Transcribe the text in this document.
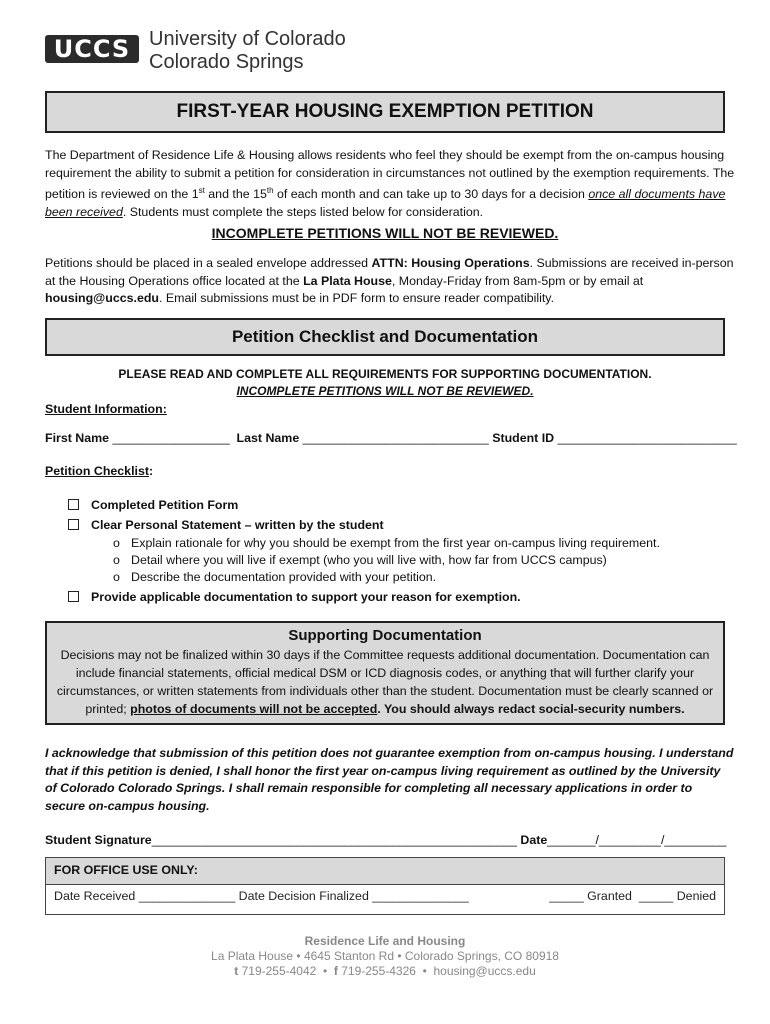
UCCS University of Colorado
Colorado Springs
FIRST-YEAR HOUSING EXEMPTION PETITION
The Department of Residence Life & Housing allows residents who feel they should be exempt from the on-campus housing requirement the ability to submit a petition for consideration in circumstances not outlined by the exemption requirements. The petition is reviewed on the 1st and the 15th of each month and can take up to 30 days for a decision once all documents have been received. Students must complete the steps listed below for consideration.
INCOMPLETE PETITIONS WILL NOT BE REVIEWED.
Petitions should be placed in a sealed envelope addressed ATTN: Housing Operations. Submissions are received in-person at the Housing Operations office located at the La Plata House, Monday-Friday from 8am-5pm or by email at housing@uccs.edu. Email submissions must be in PDF form to ensure reader compatibility.
Petition Checklist and Documentation
PLEASE READ AND COMPLETE ALL REQUIREMENTS FOR SUPPORTING DOCUMENTATION.
INCOMPLETE PETITIONS WILL NOT BE REVIEWED.
Student Information:
First Name _________________ Last Name ___________________________ Student ID __________________________
Petition Checklist:
Completed Petition Form
Clear Personal Statement – written by the student
o Explain rationale for why you should be exempt from the first year on-campus living requirement.
o Detail where you will live if exempt (who you will live with, how far from UCCS campus)
o Describe the documentation provided with your petition.
Provide applicable documentation to support your reason for exemption.
Supporting Documentation
Decisions may not be finalized within 30 days if the Committee requests additional documentation. Documentation can include financial statements, official medical DSM or ICD diagnosis codes, or anything that will further clarify your circumstances, or written statements from individuals other than the student. Documentation must be clearly scanned or printed; photos of documents will not be accepted. You should always redact social-security numbers.
I acknowledge that submission of this petition does not guarantee exemption from on-campus housing. I understand that if this petition is denied, I shall honor the first year on-campus living requirement as outlined by the University of Colorado Colorado Springs. I shall remain responsible for completing all necessary applications in order to secure on-campus housing.
Student Signature_____________________________________________________ Date_______/_________/_________
FOR OFFICE USE ONLY:
Date Received ______________ Date Decision Finalized ______________	_____ Granted _____ Denied
Residence Life and Housing
La Plata House • 4645 Stanton Rd • Colorado Springs, CO 80918
t 719-255-4042  •  f 719-255-4326  •  housing@uccs.edu
